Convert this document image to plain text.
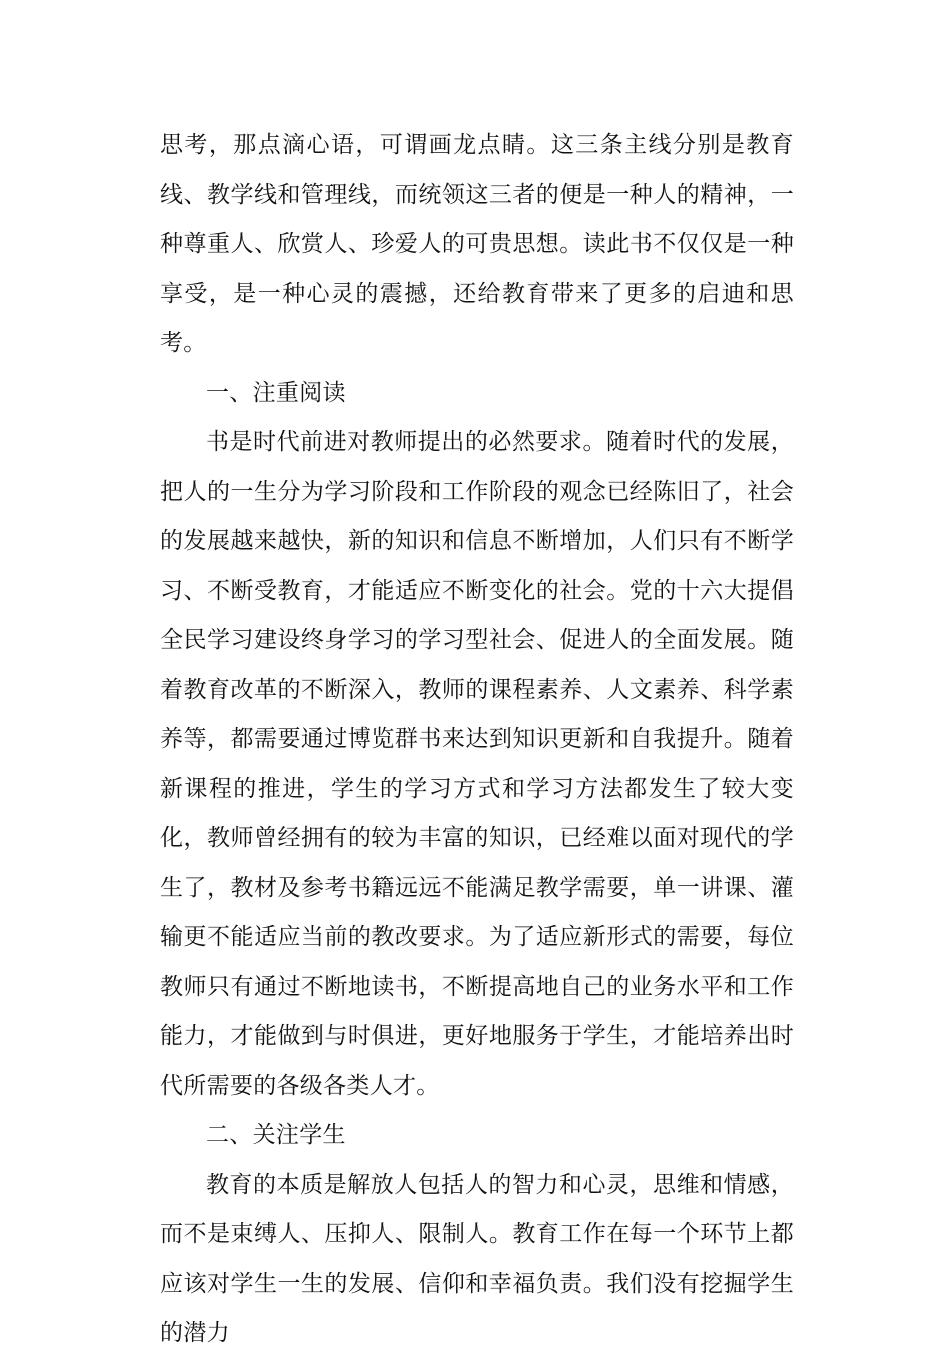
思考，那点滴心语，可谓画龙点睛。这三条主线分别是教育线、教学线和管理线，而统领这三者的便是一种人的精神，一种尊重人、欣赏人、珍爱人的可贵思想。读此书不仅仅是一种享受，是一种心灵的震撼，还给教育带来了更多的启迪和思考。

一、注重阅读

书是时代前进对教师提出的必然要求。随着时代的发展，把人的一生分为学习阶段和工作阶段的观念已经陈旧了，社会的发展越来越快，新的知识和信息不断增加，人们只有不断学习、不断受教育，才能适应不断变化的社会。党的十六大提倡全民学习建设终身学习的学习型社会、促进人的全面发展。随着教育改革的不断深入，教师的课程素养、人文素养、科学素养等，都需要通过博览群书来达到知识更新和自我提升。随着新课程的推进，学生的学习方式和学习方法都发生了较大变化，教师曾经拥有的较为丰富的知识，已经难以面对现代的学生了，教材及参考书籍远远不能满足教学需要，单一讲课、灌输更不能适应当前的教改要求。为了适应新形式的需要，每位教师只有通过不断地读书，不断提高地自己的业务水平和工作能力，才能做到与时俱进，更好地服务于学生，才能培养出时代所需要的各级各类人才。

二、关注学生

教育的本质是解放人包括人的智力和心灵，思维和情感，而不是束缚人、压抑人、限制人。教育工作在每一个环节上都应该对学生一生的发展、信仰和幸福负责。我们没有挖掘学生的潜力
